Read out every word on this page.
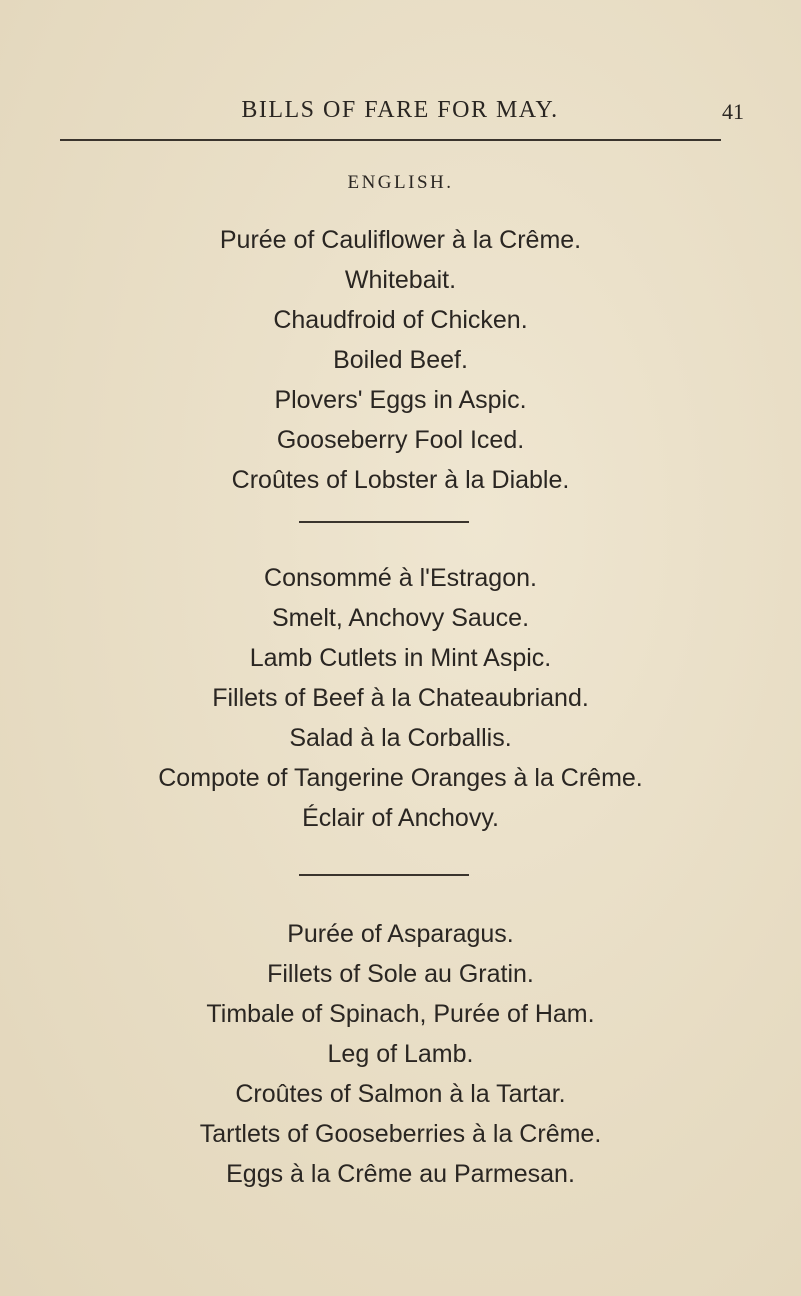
BILLS OF FARE FOR MAY.	41
ENGLISH.
Purée of Cauliflower à la Crême.
Whitebait.
Chaudfroid of Chicken.
Boiled Beef.
Plovers' Eggs in Aspic.
Gooseberry Fool Iced.
Croûtes of Lobster à la Diable.
Consommé à l'Estragon.
Smelt, Anchovy Sauce.
Lamb Cutlets in Mint Aspic.
Fillets of Beef à la Chateaubriand.
Salad à la Corballis.
Compote of Tangerine Oranges à la Crême.
Éclair of Anchovy.
Purée of Asparagus.
Fillets of Sole au Gratin.
Timbale of Spinach, Purée of Ham.
Leg of Lamb.
Croûtes of Salmon à la Tartar.
Tartlets of Gooseberries à la Crême.
Eggs à la Crême au Parmesan.
